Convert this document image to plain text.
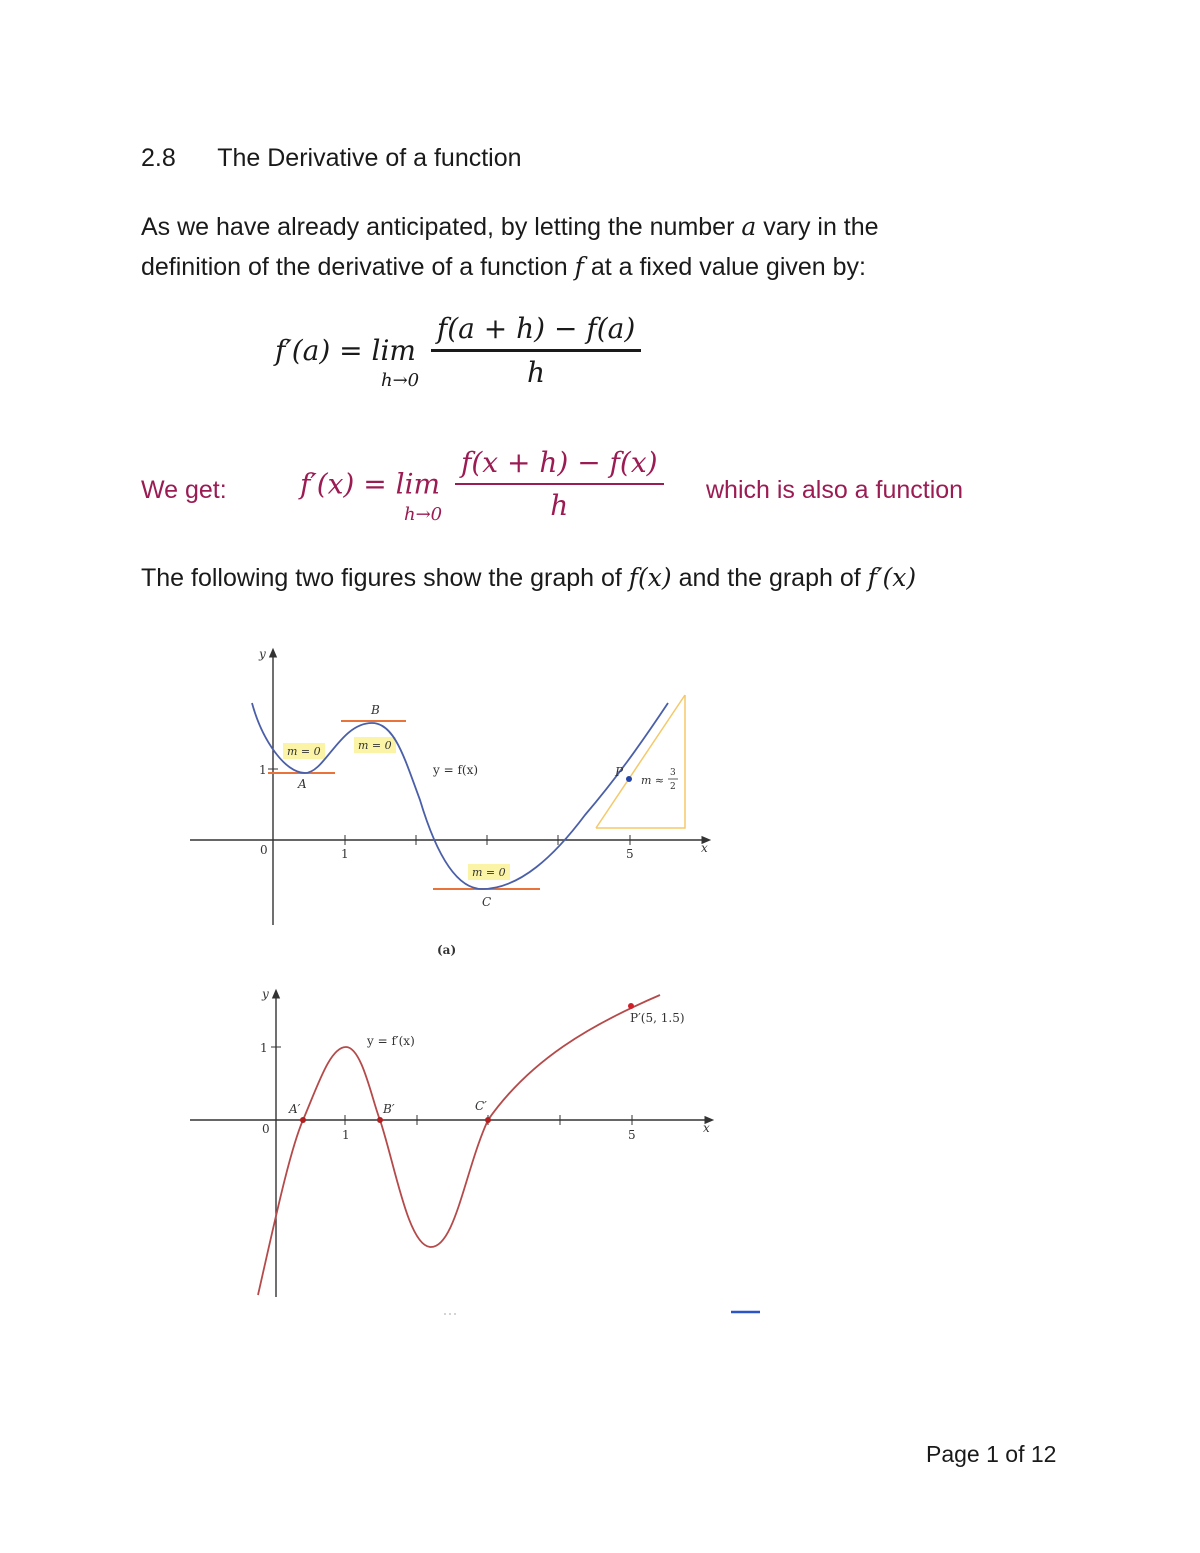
2.8 The Derivative of a function
As we have already anticipated, by letting the number a vary in the
definition of the derivative of a function f at a fixed value given by:
f′(a) = lim
$h\to 0 \frac{f(a + h) - f(a)}{h}$
We get:	f′(x) = lim
$h\to 0 \frac{f(x + h) - f(x)}{h}$ which is also a function
The following two figures show the graph of f(x) and the graph of f′(x)
y
x
1
0	1	5
A
B
C
P
m = 0	m = 0
m = 0
m ≈
3
2
y = f(x)
(a)
y
x
1
0	1	5
A′	B′	C′
P′(5, 1.5)
y = f′(x)
Page 1 of 12
